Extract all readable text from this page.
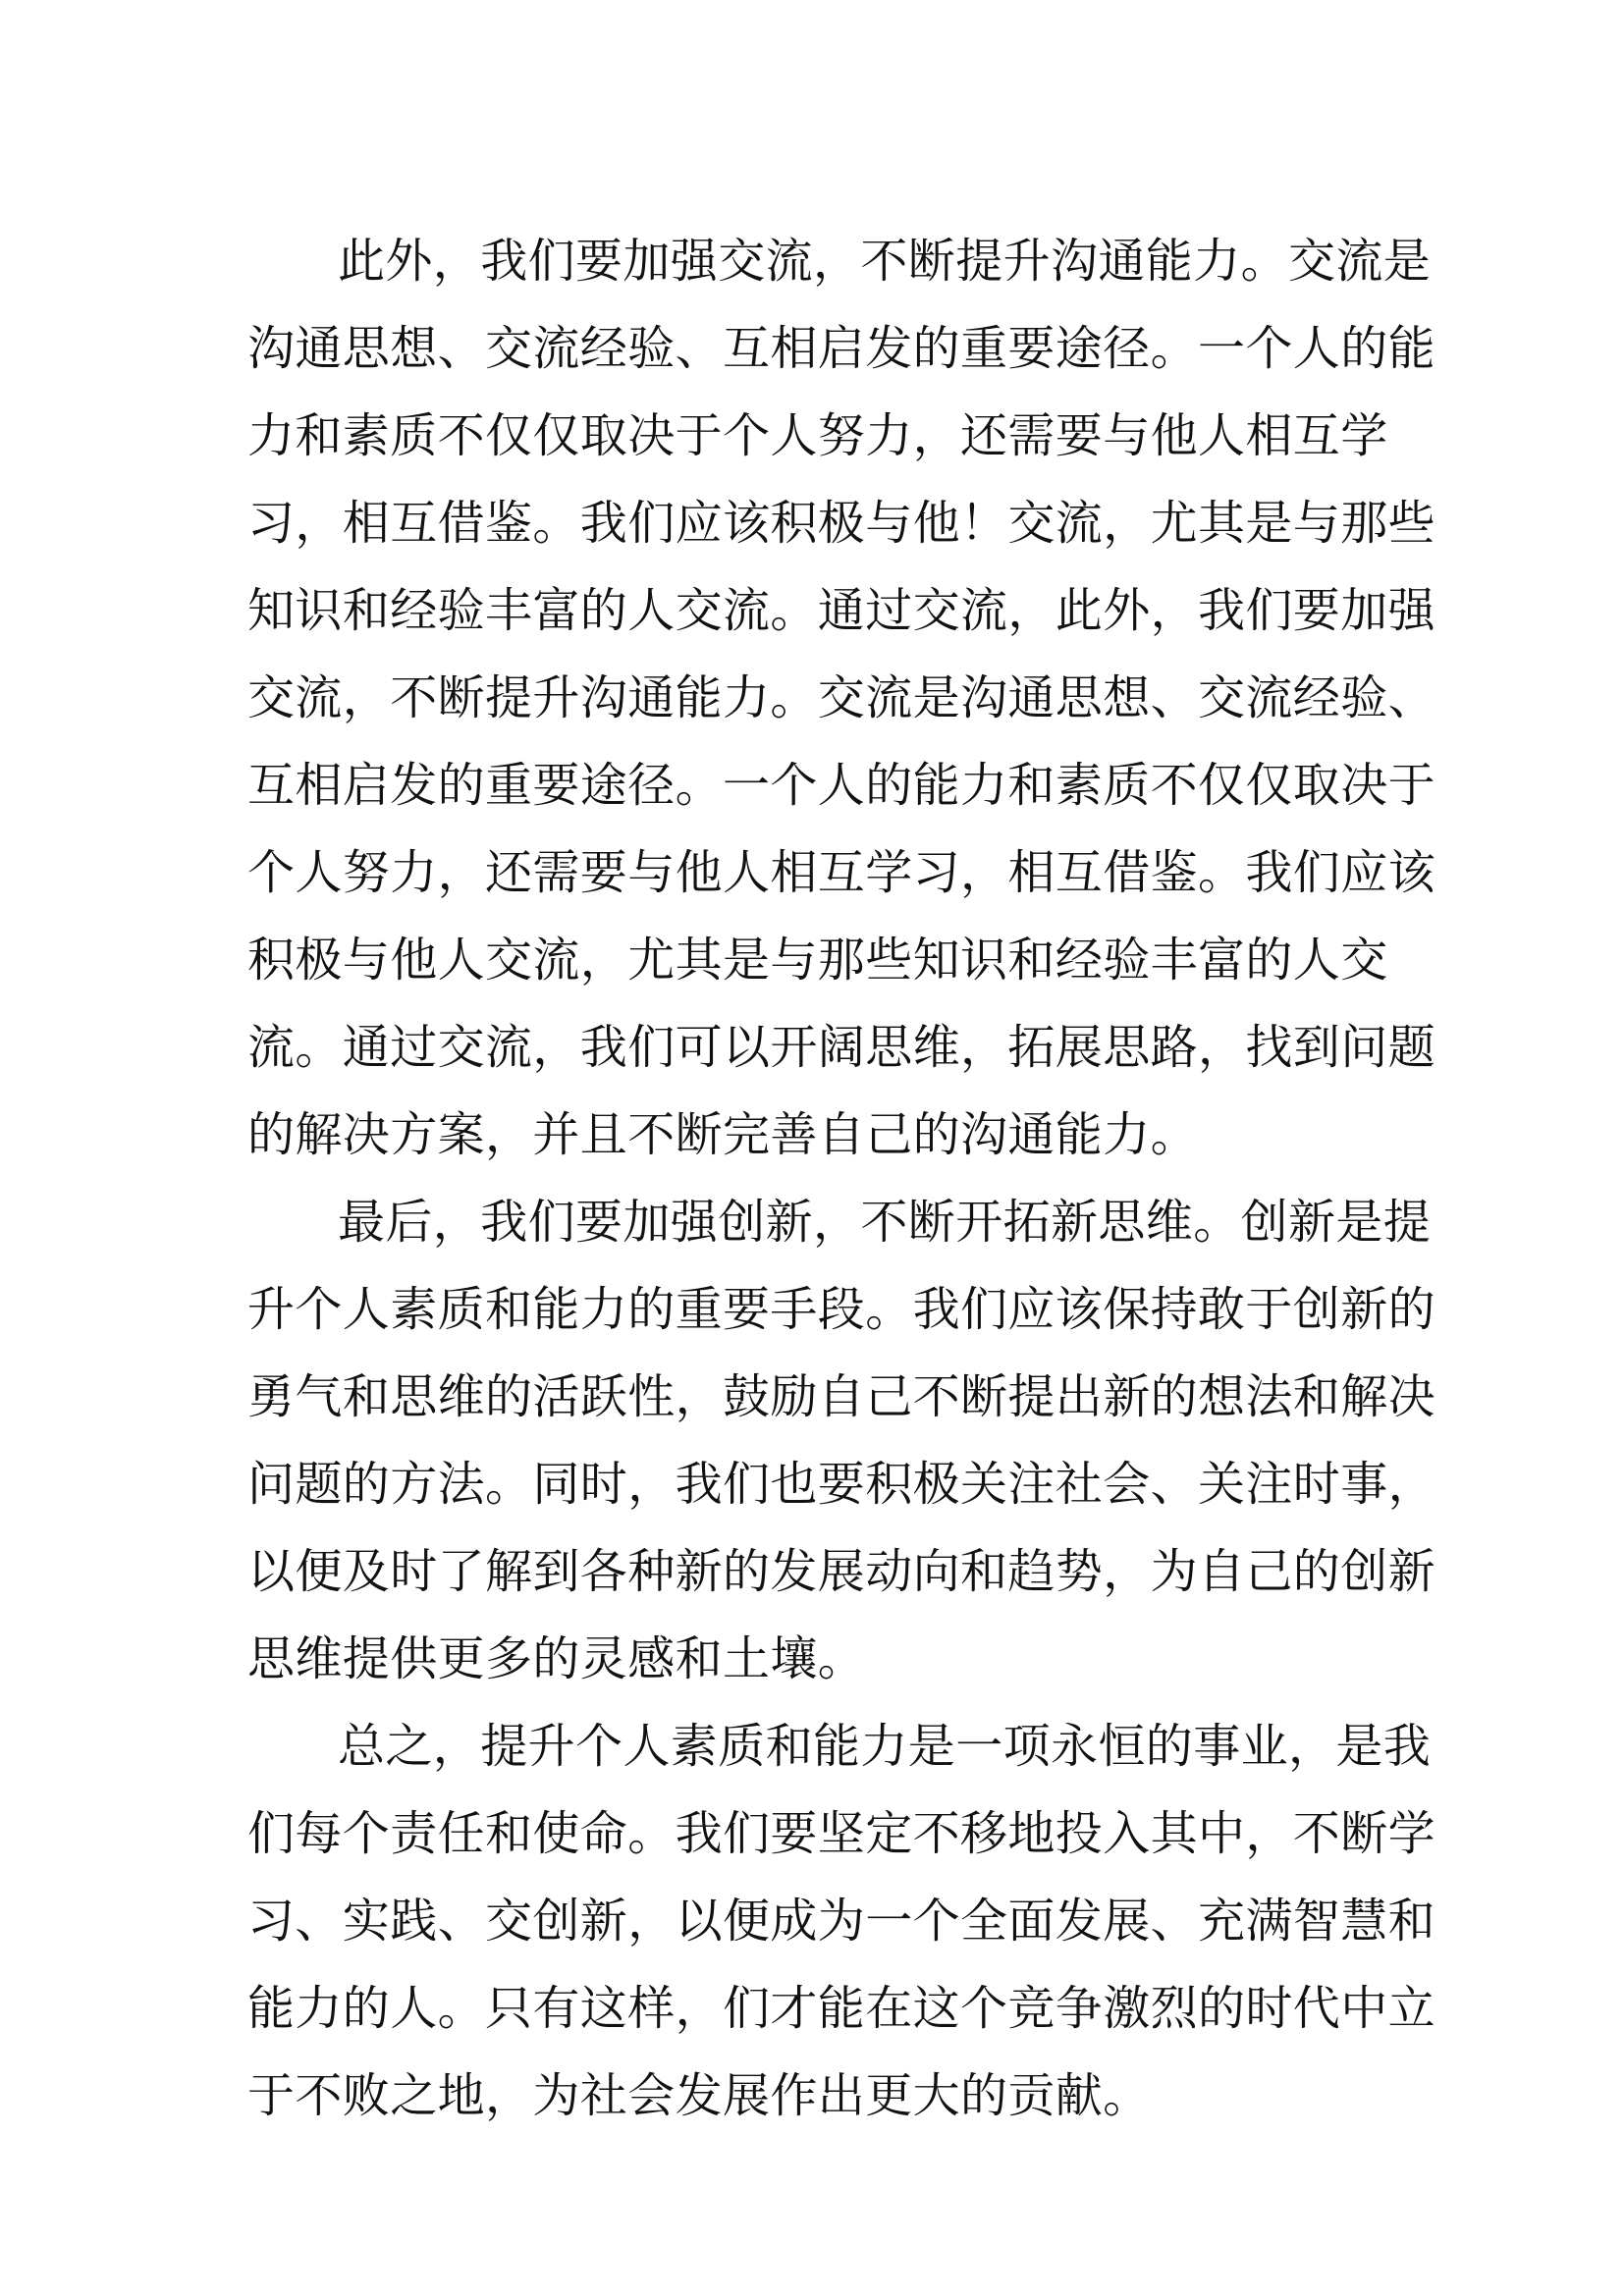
此外，我们要加强交流，不断提升沟通能力。交流是
沟通思想、交流经验、互相启发的重要途径。一个人的能
力和素质不仅仅取决于个人努力，还需要与他人相互学
习，相互借鉴。我们应该积极与他！交流，尤其是与那些
知识和经验丰富的人交流。通过交流，此外，我们要加强
交流，不断提升沟通能力。交流是沟通思想、交流经验、
互相启发的重要途径。一个人的能力和素质不仅仅取决于
个人努力，还需要与他人相互学习，相互借鉴。我们应该
积极与他人交流，尤其是与那些知识和经验丰富的人交
流。通过交流，我们可以开阔思维，拓展思路，找到问题
的解决方案，并且不断完善自己的沟通能力。
最后，我们要加强创新，不断开拓新思维。创新是提
升个人素质和能力的重要手段。我们应该保持敢于创新的
勇气和思维的活跃性，鼓励自己不断提出新的想法和解决
问题的方法。同时，我们也要积极关注社会、关注时事，
以便及时了解到各种新的发展动向和趋势，为自己的创新
思维提供更多的灵感和土壤。
总之，提升个人素质和能力是一项永恒的事业，是我
们每个责任和使命。我们要坚定不移地投入其中，不断学
习、实践、交创新，以便成为一个全面发展、充满智慧和
能力的人。只有这样，们才能在这个竞争激烈的时代中立
于不败之地，为社会发展作出更大的贡献。
